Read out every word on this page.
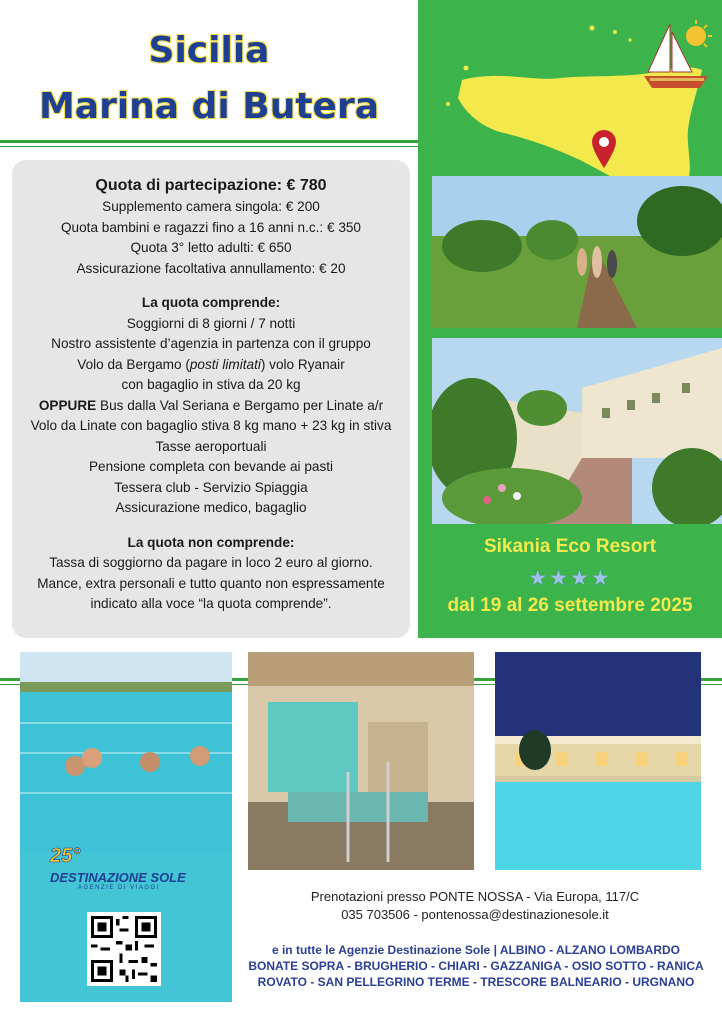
Sicilia
Marina di Butera
Quota di partecipazione: € 780
Supplemento camera singola: € 200
Quota bambini e ragazzi fino a 16 anni n.c.: € 350
Quota 3° letto adulti: € 650
Assicurazione facoltativa annullamento: € 20
La quota comprende:
Soggiorni di 8 giorni / 7 notti
Nostro assistente d’agenzia in partenza con il gruppo
Volo da Bergamo (posti limitati) volo Ryanair
con bagaglio in stiva da 20 kg
OPPURE Bus dalla Val Seriana e Bergamo per Linate a/r
Volo da Linate con bagaglio stiva 8 kg mano + 23 kg in stiva
Tasse aeroportuali
Pensione completa con bevande ai pasti
Tessera club - Servizio Spiaggia
Assicurazione medico, bagaglio
La quota non comprende:
Tassa di soggiorno da pagare in loco 2 euro al giorno.
Mance, extra personali e tutto quanto non espressamente
indicato alla voce “la quota comprende”.
Sikania Eco Resort
★★★★
dal 19 al 26 settembre 2025
25°
DESTINAZIONE SOLE
AGENZIE DI VIAGGI
Prenotazioni presso PONTE NOSSA - Via Europa, 117/C
035 703506 - pontenossa@destinazionesole.it
e in tutte le Agenzie Destinazione Sole | ALBINO - ALZANO LOMBARDO
BONATE SOPRA - BRUGHERIO - CHIARI - GAZZANIGA - OSIO SOTTO - RANICA
ROVATO - SAN PELLEGRINO TERME - TRESCORE BALNEARIO - URGNANO
